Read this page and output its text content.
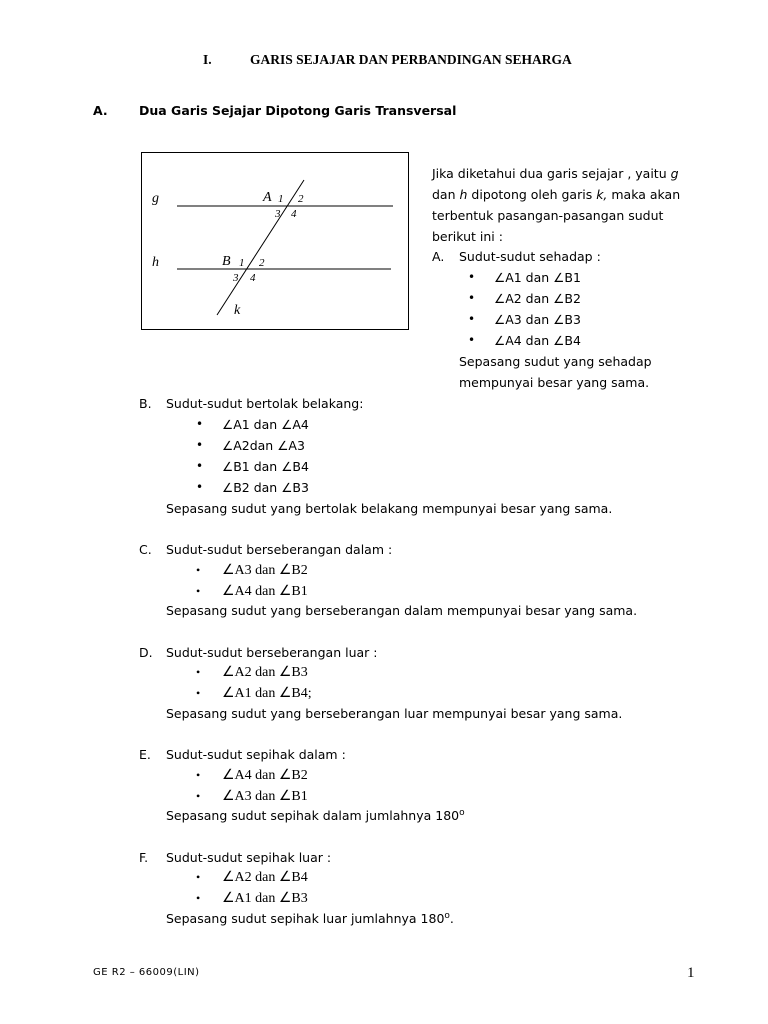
I.	GARIS SEJAJAR DAN PERBANDINGAN SEHARGA
A.	Dua Garis Sejajar Dipotong Garis Transversal
g
h
k
A 1 2
3 4
B 1 2
3 4
Jika diketahui dua garis sejajar , yaitu g
dan h dipotong oleh garis k, maka akan
terbentuk pasangan-pasangan sudut
berikut ini :
A. Sudut-sudut sehadap :
• ∠A1 dan ∠B1
• ∠A2 dan ∠B2
• ∠A3 dan ∠B3
• ∠A4 dan ∠B4
Sepasang sudut yang sehadap
mempunyai besar yang sama.
B. Sudut-sudut bertolak belakang:
• ∠A1 dan ∠A4
• ∠A2dan ∠A3
• ∠B1 dan ∠B4
• ∠B2 dan ∠B3
Sepasang sudut yang bertolak belakang mempunyai besar yang sama.
C. Sudut-sudut berseberangan dalam :
• ∠A3 dan ∠B2
• ∠A4 dan ∠B1
Sepasang sudut yang berseberangan dalam mempunyai besar yang sama.
D. Sudut-sudut berseberangan luar :
• ∠A2 dan ∠B3
• ∠A1 dan ∠B4;
Sepasang sudut yang berseberangan luar mempunyai besar yang sama.
E. Sudut-sudut sepihak dalam :
• ∠A4 dan ∠B2
• ∠A3 dan ∠B1
Sepasang sudut sepihak dalam jumlahnya 180$^o$
F. Sudut-sudut sepihak luar :
• ∠A2 dan ∠B4
• ∠A1 dan ∠B3
Sepasang sudut sepihak luar jumlahnya 180$^o$.
GE R2 – 66009(LIN)	1
